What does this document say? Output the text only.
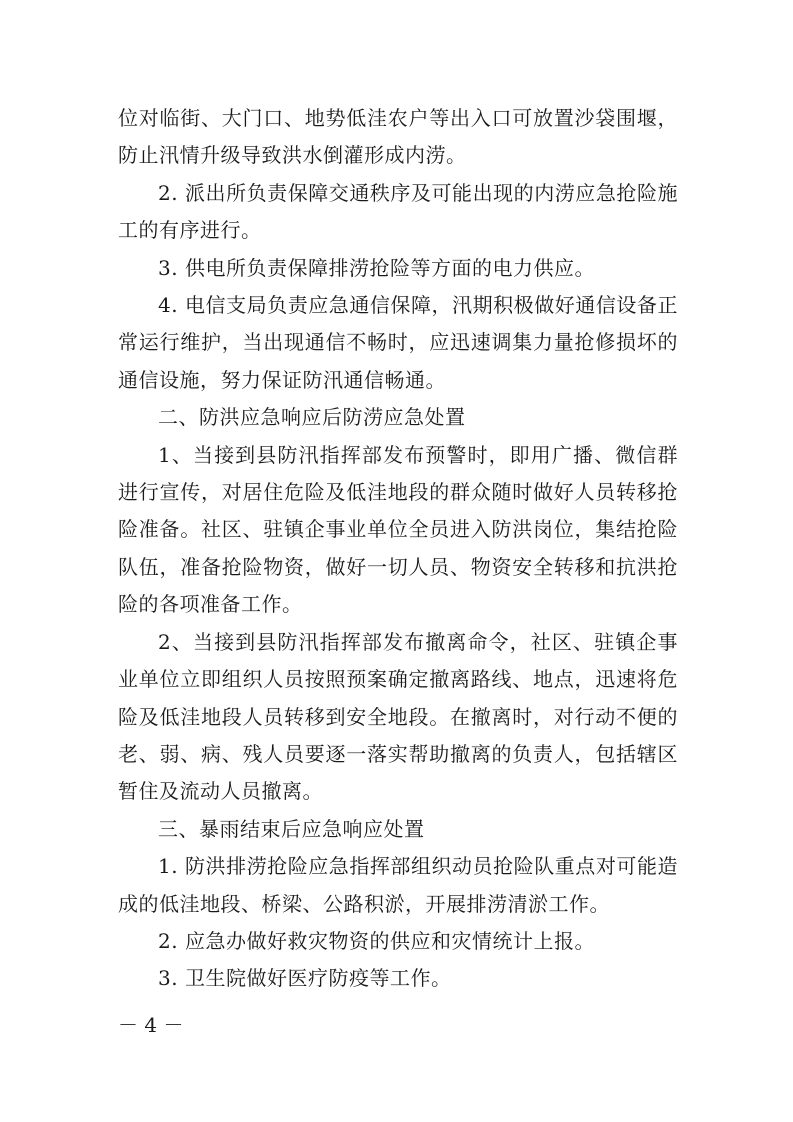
位对临街、大门口、地势低洼农户等出入口可放置沙袋围堰，防止汛情升级导致洪水倒灌形成内涝。

2. 派出所负责保障交通秩序及可能出现的内涝应急抢险施工的有序进行。

3. 供电所负责保障排涝抢险等方面的电力供应。

4. 电信支局负责应急通信保障，汛期积极做好通信设备正常运行维护，当出现通信不畅时，应迅速调集力量抢修损坏的通信设施，努力保证防汛通信畅通。

二、防洪应急响应后防涝应急处置

1、当接到县防汛指挥部发布预警时，即用广播、微信群进行宣传，对居住危险及低洼地段的群众随时做好人员转移抢险准备。社区、驻镇企事业单位全员进入防洪岗位，集结抢险队伍，准备抢险物资，做好一切人员、物资安全转移和抗洪抢险的各项准备工作。

2、当接到县防汛指挥部发布撤离命令，社区、驻镇企事业单位立即组织人员按照预案确定撤离路线、地点，迅速将危险及低洼地段人员转移到安全地段。在撤离时，对行动不便的老、弱、病、残人员要逐一落实帮助撤离的负责人，包括辖区暂住及流动人员撤离。

三、暴雨结束后应急响应处置

1. 防洪排涝抢险应急指挥部组织动员抢险队重点对可能造成的低洼地段、桥梁、公路积淤，开展排涝清淤工作。

2. 应急办做好救灾物资的供应和灾情统计上报。

3. 卫生院做好医疗防疫等工作。

－ 4 －
